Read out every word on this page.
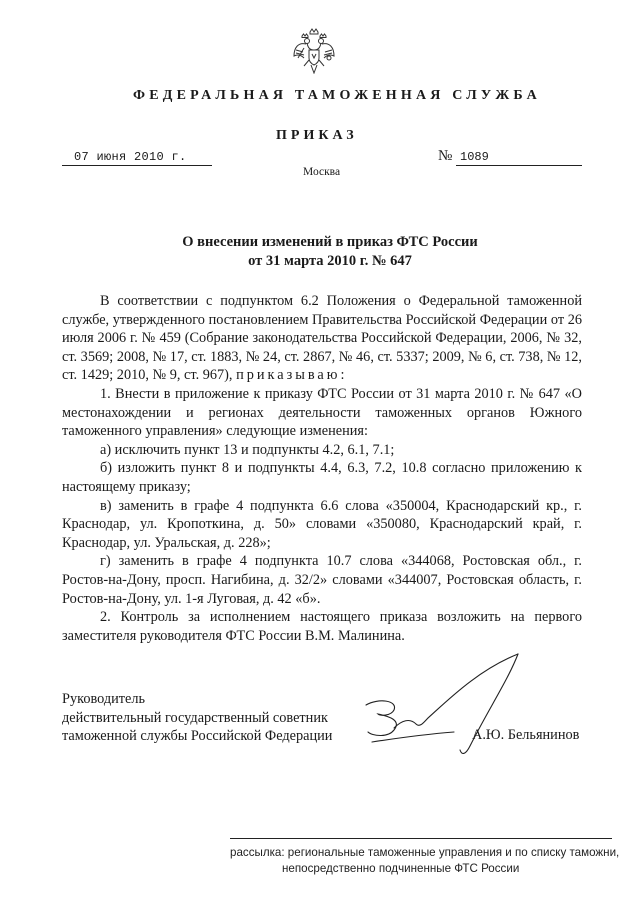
ФЕДЕРАЛЬНАЯ ТАМОЖЕННАЯ СЛУЖБА
ПРИКАЗ
07 июня 2010 г.	№ 1089
Москва
О внесении изменений в приказ ФТС России
от 31 марта 2010 г. № 647

В соответствии с подпунктом 6.2 Положения о Федеральной таможенной службе, утвержденного постановлением Правительства Российской Федерации от 26 июля 2006 г. № 459 (Собрание законодательства Российской Федерации, 2006, № 32, ст. 3569; 2008, № 17, ст. 1883, № 24, ст. 2867, № 46, ст. 5337; 2009, № 6, ст. 738, № 12, ст. 1429; 2010, № 9, ст. 967), приказываю:

1. Внести в приложение к приказу ФТС России от 31 марта 2010 г. № 647 «О местонахождении и регионах деятельности таможенных органов Южного таможенного управления» следующие изменения:

а) исключить пункт 13 и подпункты 4.2, 6.1, 7.1;

б) изложить пункт 8 и подпункты 4.4, 6.3, 7.2, 10.8 согласно приложению к настоящему приказу;

в) заменить в графе 4 подпункта 6.6 слова «350004, Краснодарский кр., г. Краснодар, ул. Кропоткина, д. 50» словами «350080, Краснодарский край, г. Краснодар, ул. Уральская, д. 228»;

г) заменить в графе 4 подпункта 10.7 слова «344068, Ростовская обл., г. Ростов-на-Дону, просп. Нагибина, д. 32/2» словами «344007, Ростовская область, г. Ростов-на-Дону, ул. 1-я Луговая, д. 42 «б».

2. Контроль за исполнением настоящего приказа возложить на первого заместителя руководителя ФТС России В.М. Малинина.

Руководитель
действительный государственный советник
таможенной службы Российской Федерации	А.Ю. Бельянинов
рассылка: региональные таможенные управления и по списку таможни,
непосредственно подчиненные ФТС России
